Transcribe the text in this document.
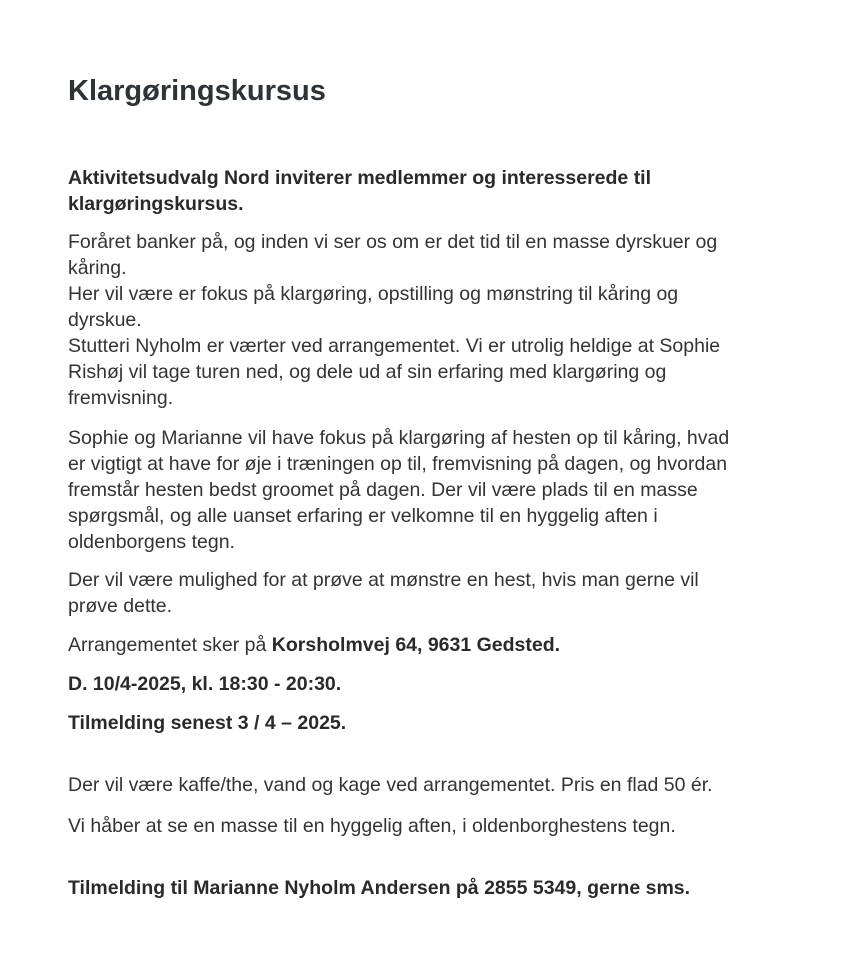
Klargøringskursus

Aktivitetsudvalg Nord inviterer medlemmer og interesserede til
klargøringskursus.

Foråret banker på, og inden vi ser os om er det tid til en masse dyrskuer og
kåring.
Her vil være er fokus på klargøring, opstilling og mønstring til kåring og
dyrskue.
Stutteri Nyholm er værter ved arrangementet. Vi er utrolig heldige at Sophie
Rishøj vil tage turen ned, og dele ud af sin erfaring med klargøring og
fremvisning.

Sophie og Marianne vil have fokus på klargøring af hesten op til kåring, hvad
er vigtigt at have for øje i træningen op til, fremvisning på dagen, og hvordan
fremstår hesten bedst groomet på dagen. Der vil være plads til en masse
spørgsmål, og alle uanset erfaring er velkomne til en hyggelig aften i
oldenborgens tegn.

Der vil være mulighed for at prøve at mønstre en hest, hvis man gerne vil
prøve dette.

Arrangementet sker på Korsholmvej 64, 9631 Gedsted.

D. 10/4-2025, kl. 18:30 - 20:30.

Tilmelding senest 3 / 4 – 2025.

Der vil være kaffe/the, vand og kage ved arrangementet. Pris en flad 50 ér.

Vi håber at se en masse til en hyggelig aften, i oldenborghestens tegn.

Tilmelding til Marianne Nyholm Andersen på 2855 5349, gerne sms.
